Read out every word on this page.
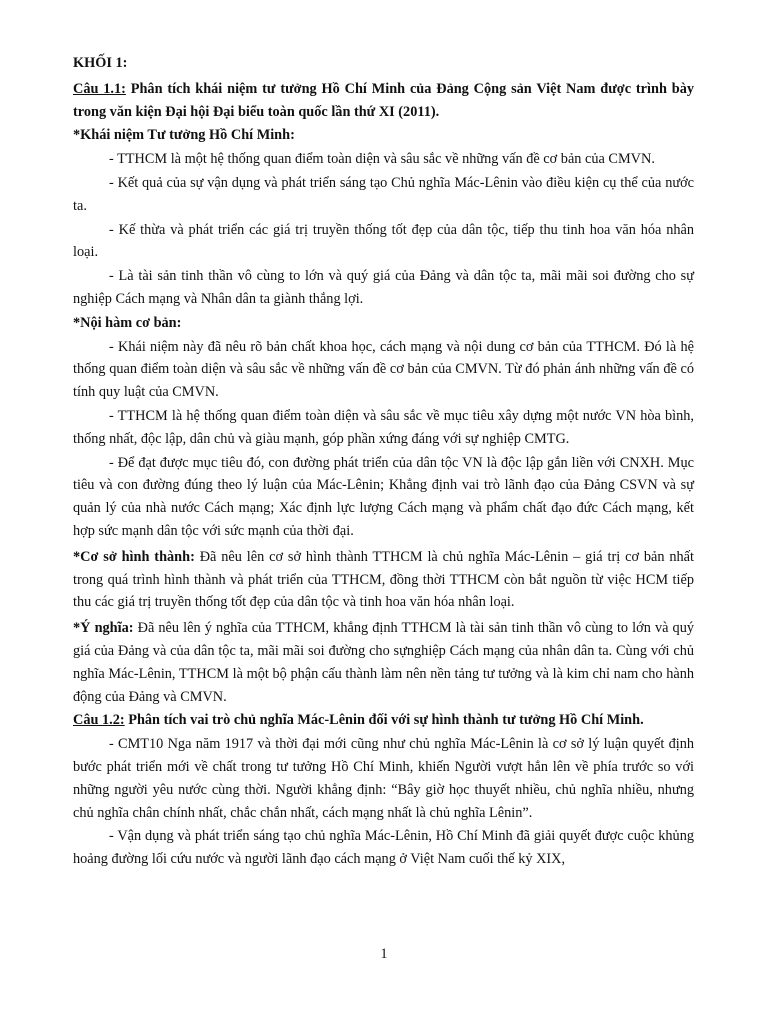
KHỐI 1:

Câu 1.1: Phân tích khái niệm tư tưởng Hồ Chí Minh của Đảng Cộng sản Việt Nam được trình bày trong văn kiện Đại hội Đại biểu toàn quốc lần thứ XI (2011).

*Khái niệm Tư tưởng Hồ Chí Minh:

- TTHCM là một hệ thống quan điểm toàn diện và sâu sắc về những vấn đề cơ bản của CMVN.

- Kết quả của sự vận dụng và phát triển sáng tạo Chủ nghĩa Mác-Lênin vào điều kiện cụ thể của nước ta.

- Kế thừa và phát triển các giá trị truyền thống tốt đẹp của dân tộc, tiếp thu tinh hoa văn hóa nhân loại.

- Là tài sản tinh thần vô cùng to lớn và quý giá của Đảng và dân tộc ta, mãi mãi soi đường cho sự nghiệp Cách mạng và Nhân dân ta giành thắng lợi.

*Nội hàm cơ bản:

- Khái niệm này đã nêu rõ bản chất khoa học, cách mạng và nội dung cơ bản của TTHCM. Đó là hệ thống quan điểm toàn diện và sâu sắc về những vấn đề cơ bản của CMVN. Từ đó phản ánh những vấn đề có tính quy luật của CMVN.

- TTHCM là hệ thống quan điểm toàn diện và sâu sắc về mục tiêu xây dựng một nước VN hòa bình, thống nhất, độc lập, dân chủ và giàu mạnh, góp phần xứng đáng với sự nghiệp CMTG.

- Để đạt được mục tiêu đó, con đường phát triển của dân tộc VN là độc lập gắn liền với CNXH. Mục tiêu và con đường đúng theo lý luận của Mác-Lênin; Khẳng định vai trò lãnh đạo của Đảng CSVN và sự quản lý của nhà nước Cách mạng; Xác định lực lượng Cách mạng và phẩm chất đạo đức Cách mạng, kết hợp sức mạnh dân tộc với sức mạnh của thời đại.

*Cơ sở hình thành: Đã nêu lên cơ sở hình thành TTHCM là chủ nghĩa Mác-Lênin – giá trị cơ bản nhất trong quá trình hình thành và phát triển của TTHCM, đồng thời TTHCM còn bắt nguồn từ việc HCM tiếp thu các giá trị truyền thống tốt đẹp của dân tộc và tinh hoa văn hóa nhân loại.

*Ý nghĩa: Đã nêu lên ý nghĩa của TTHCM, khẳng định TTHCM là tài sản tinh thần vô cùng to lớn và quý giá của Đảng và của dân tộc ta, mãi mãi soi đường cho sựnghiệp Cách mạng của nhân dân ta. Cùng với chủ nghĩa Mác-Lênin, TTHCM là một bộ phận cấu thành làm nên nền tảng tư tưởng và là kim chỉ nam cho hành động của Đảng và CMVN.

Câu 1.2: Phân tích vai trò chủ nghĩa Mác-Lênin đối với sự hình thành tư tưởng Hồ Chí Minh.

- CMT10 Nga năm 1917 và thời đại mới cũng như chủ nghĩa Mác-Lênin là cơ sở lý luận quyết định bước phát triển mới về chất trong tư tưởng Hồ Chí Minh, khiến Người vượt hẳn lên về phía trước so với những người yêu nước cùng thời. Người khẳng định: “Bây giờ học thuyết nhiều, chủ nghĩa nhiều, nhưng chủ nghĩa chân chính nhất, chắc chắn nhất, cách mạng nhất là chủ nghĩa Lênin”.

- Vận dụng và phát triển sáng tạo chủ nghĩa Mác-Lênin, Hồ Chí Minh đã giải quyết được cuộc khủng hoảng đường lối cứu nước và người lãnh đạo cách mạng ở Việt Nam cuối thế kỷ XIX,

1
